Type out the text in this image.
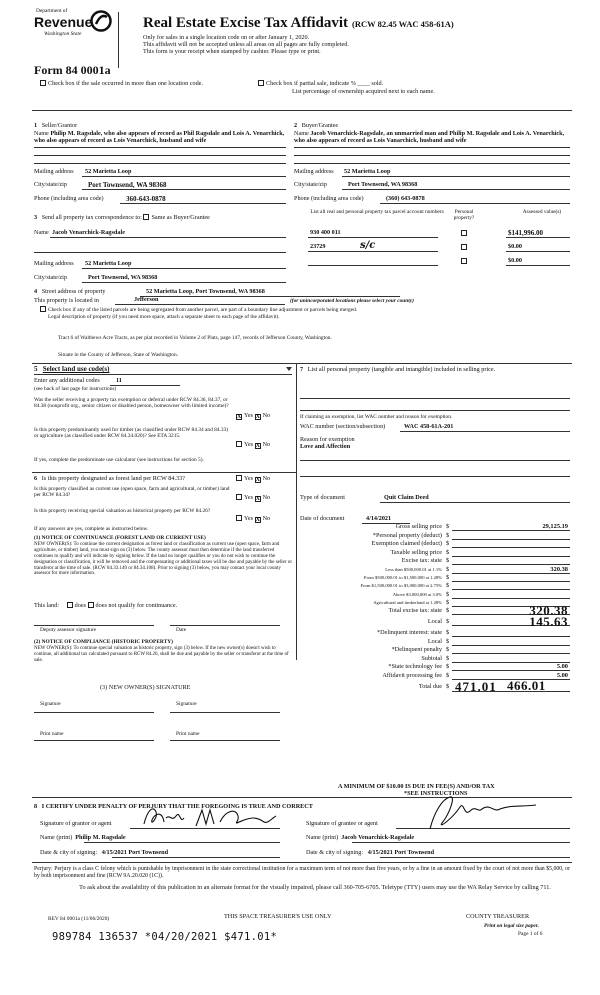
Department of
Revenue
Washington State
Real Estate Excise Tax Affidavit (RCW 82.45 WAC 458-61A)
Only for sales in a single location code on or after January 1, 2020.
This affidavit will not be accepted unless all areas on all pages are fully completed.
This form is your receipt when stamped by cashier. Please type or print.
Form 84 0001a
Check box if the sale occurred in more than one location code.	Check box if partial sale, indicate % ____ sold.
List percentage of ownership acquired next to each name.
1 Seller/Grantor
Name Philip M. Ragsdale, who also appears of record as Phil Ragsdale and Lois A. Venarchick, who also appears of record as Lois Venarchick, husband and wife
Mailing address 52 Marietta Loop
City/state/zip	Port Townsend, WA 98368
Phone (including area code)	360-643-0878
2 Buyer/Grantee
Name Jacob Venarchick-Ragsdale, an unmarried man and Philip M. Ragsdale and Lois A. Venarchick, who also appears of record as Lois Vanarchick, husband and wife
Mailing address 52 Marietta Loop
City/state/zip	Port Townsend, WA 98368
Phone (including area code)	(360) 643-0878
3 Send all property tax correspondence to: Same as Buyer/Grantee
Name Jacob Venarchick-Ragsdale
Mailing address 52 Marietta Loop
City/state/zip	Port Townsend, WA 98368
List all real and personal property tax parcel account numbers	Personal property?
Assessed value(s)
930 400 011	$141,996.00
23729	s/c	$0.00
$0.00
4 Street address of property	52 Marietta Loop, Port Townsend, WA 98368
This property is located in	Jefferson	(for unincorporated locations please select your county)
Check box if any of the listed parcels are being segregated from another parcel, are part of a boundary line adjustment or parcels being merged.
Legal description of property (if you need more space, attach a separate sheet to each page of the affidavit).
Tract 6 of Walthews Acre Tracts, as per plat recorded in Volume 2 of Plats, page 147, records of Jefferson County, Washington.
Situate in the County of Jefferson, State of Washington.
5 Select land use code(s)
Enter any additional codes	11
(see back of last page for instructions)
Was the seller receiving a property tax exemption or deferral under RCW 84.36, 84.37, or 84.38 (nonprofit org., senior citizen or disabled person, homeowner with limited income)?
X Yes X No
Is this property predominantly used for timber (as classified under RCW 84.34 and 84.33) or agriculture (as classified under RCW 84.34.020)? See ETA 3215.
Yes X No
If yes, complete the predominate use calculator (see instructions for section 5).
6 Is this property designated as forest land per RCW 84.33?	Yes X No
Is this property classified as current use (open space, farm and agricultural, or timber) land per RCW 84.34?	Yes X No
Is this property receiving special valuation as historical property per RCW 84.26?
Yes X No
If any answers are yes, complete as instructed below.
(1) NOTICE OF CONTINUANCE (FOREST LAND OR CURRENT USE)
NEW OWNER(S): To continue the current designation as forest land or classification as current use (open space, farm and agriculture, or timber) land, you must sign on (3) below. The county assessor must then determine if the land transferred continues to qualify and will indicate by signing below. If the land no longer qualifies or you do not wish to continue the designation or classification, it will be removed and the compensating or additional taxes will be due and payable by the seller or transferor at the time of sale. (RCW 84.33.140 or 84.34.108). Prior to signing (3) below, you may contact your local county assessor for more information.
This land:	does does not qualify for continuance.
Deputy assessor signature	Date
(2) NOTICE OF COMPLIANCE (HISTORIC PROPERTY)
NEW OWNER(S): To continue special valuation as historic property, sign (3) below. If the new owner(s) doesn't wish to continue, all additional tax calculated pursuant to RCW 84.26, shall be due and payable by the seller or transferor at the time of sale.
(3) NEW OWNER(S) SIGNATURE
Signature	Signature
Print name	Print name
7 List all personal property (tangible and intangible) included in selling price.
If claiming an exemption, list WAC number and reason for exemption.
WAC number (section/subsection)	WAC 458-61A-201
Reason for exemption
Love and Affection
Type of document	Quit Claim Deed
Date of document	4/14/2021
Gross selling price $	29,125.19
*Personal property (deduct) $
Exemption claimed (deduct) $
Taxable selling price $
Excise tax: state $
Less than $500,000.01 at 1.1% $	320.38
From $500,000.01 to $1,500,000 at 1.28% $
From $1,500,000.01 to $3,000,000 at 2.75% $
Above $3,000,000 at 3.0% $
Agricultural and timberland at 1.28% $
Total excise tax: state $	320.38
Local $	145.63
*Delinquent interest: state $
Local $
*Delinquent penalty $
Subtotal $
*State technology fee $	5.00
Affidavit processing fee $	5.00
Total due $ 471.01 466.01
A MINIMUM OF $10.00 IS DUE IN FEE(S) AND/OR TAX
*SEE INSTRUCTIONS
8 I CERTIFY UNDER PENALTY OF PERJURY THAT THE FOREGOING IS TRUE AND CORRECT
Signature of grantor or agent	Signature of grantee or agent
Name (print) Philip M. Ragsdale	Name (print) Jacob Venarchick-Ragsdale
Date & city of signing: 4/15/2021 Port Townsend	Date & city of signing: 4/15/2021 Port Townsend
Perjury: Perjury is a class C felony which is punishable by imprisonment in the state correctional institution for a maximum term of not more than five years, or by a fine in an amount fixed by the court of not more than $5,000, or by both imprisonment and fine (RCW 9A.20.020 (1C)).
To ask about the availability of this publication in an alternate format for the visually impaired, please call 360-705-6705. Teletype (TTY) users may use the WA Relay Service by calling 711.
REV 84 0001a (11/06/2020)	THIS SPACE TREASURER'S USE ONLY	COUNTY TREASURER
Print on legal size paper.
Page 1 of 6
989784 136537 *04/20/2021 $471.01*
